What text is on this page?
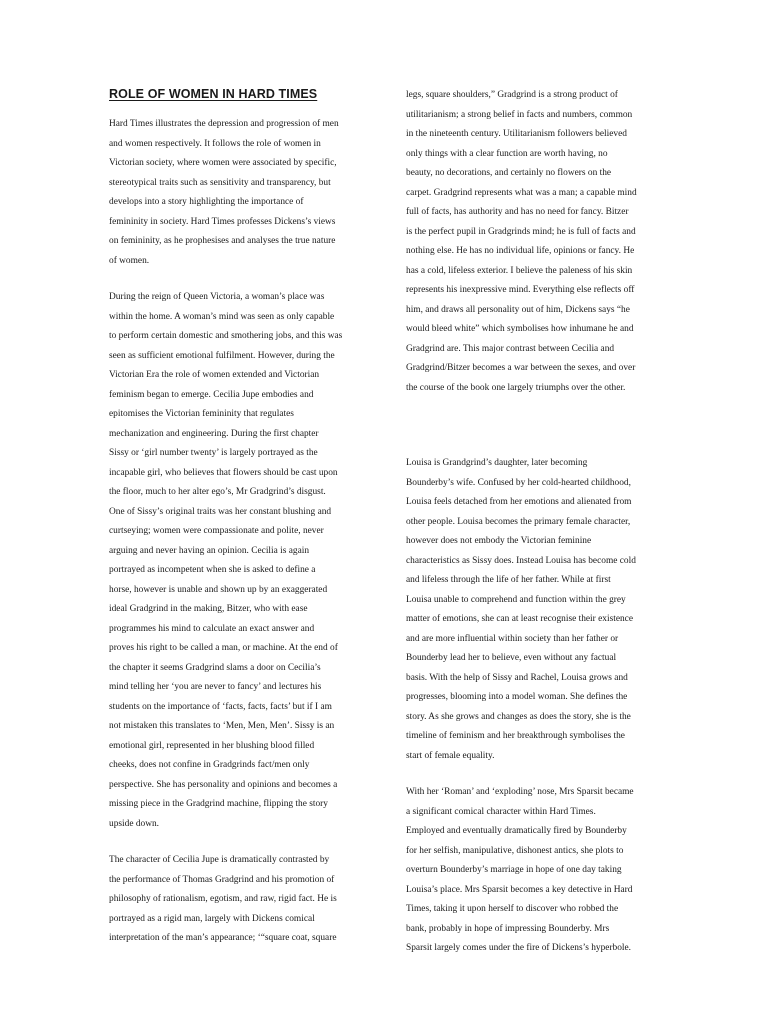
ROLE OF WOMEN IN HARD TIMES
Hard Times illustrates the depression and progression of men
and women respectively. It follows the role of women in
Victorian society, where women were associated by specific,
stereotypical traits such as sensitivity and transparency, but
develops into a story highlighting the importance of
femininity in society. Hard Times professes Dickens’s views
on femininity, as he prophesises and analyses the true nature
of women.
During the reign of Queen Victoria, a woman’s place was
within the home. A woman’s mind was seen as only capable
to perform certain domestic and smothering jobs, and this was
seen as sufficient emotional fulfilment. However, during the
Victorian Era the role of women extended and Victorian
feminism began to emerge. Cecilia Jupe embodies and
epitomises the Victorian femininity that regulates
mechanization and engineering. During the first chapter
Sissy or ‘girl number twenty’ is largely portrayed as the
incapable girl, who believes that flowers should be cast upon
the floor, much to her alter ego’s, Mr Gradgrind’s disgust.
One of Sissy’s original traits was her constant blushing and
curtseying; women were compassionate and polite, never
arguing and never having an opinion. Cecilia is again
portrayed as incompetent when she is asked to define a
horse, however is unable and shown up by an exaggerated
ideal Gradgrind in the making, Bitzer, who with ease
programmes his mind to calculate an exact answer and
proves his right to be called a man, or machine. At the end of
the chapter it seems Gradgrind slams a door on Cecilia’s
mind telling her ‘you are never to fancy’ and lectures his
students on the importance of ‘facts, facts, facts’ but if I am
not mistaken this translates to ‘Men, Men, Men’. Sissy is an
emotional girl, represented in her blushing blood filled
cheeks, does not confine in Gradgrinds fact/men only
perspective. She has personality and opinions and becomes a
missing piece in the Gradgrind machine, flipping the story
upside down.
The character of Cecilia Jupe is dramatically contrasted by
the performance of Thomas Gradgrind and his promotion of
philosophy of rationalism, egotism, and raw, rigid fact. He is
portrayed as a rigid man, largely with Dickens comical
interpretation of the man’s appearance; ‘“square coat, square
legs, square shoulders,” Gradgrind is a strong product of
utilitarianism; a strong belief in facts and numbers, common
in the nineteenth century. Utilitarianism followers believed
only things with a clear function are worth having, no
beauty, no decorations, and certainly no flowers on the
carpet. Gradgrind represents what was a man; a capable mind
full of facts, has authority and has no need for fancy. Bitzer
is the perfect pupil in Gradgrinds mind; he is full of facts and
nothing else. He has no individual life, opinions or fancy. He
has a cold, lifeless exterior. I believe the paleness of his skin
represents his inexpressive mind. Everything else reflects off
him, and draws all personality out of him, Dickens says “he
would bleed white” which symbolises how inhumane he and
Gradgrind are. This major contrast between Cecilia and
Gradgrind/Bitzer becomes a war between the sexes, and over
the course of the book one largely triumphs over the other.
Louisa is Grandgrind’s daughter, later becoming
Bounderby’s wife. Confused by her cold-hearted childhood,
Louisa feels detached from her emotions and alienated from
other people. Louisa becomes the primary female character,
however does not embody the Victorian feminine
characteristics as Sissy does. Instead Louisa has become cold
and lifeless through the life of her father. While at first
Louisa unable to comprehend and function within the grey
matter of emotions, she can at least recognise their existence
and are more influential within society than her father or
Bounderby lead her to believe, even without any factual
basis. With the help of Sissy and Rachel, Louisa grows and
progresses, blooming into a model woman. She defines the
story. As she grows and changes as does the story, she is the
timeline of feminism and her breakthrough symbolises the
start of female equality.
With her ‘Roman’ and ‘exploding’ nose, Mrs Sparsit became
a significant comical character within Hard Times.
Employed and eventually dramatically fired by Bounderby
for her selfish, manipulative, dishonest antics, she plots to
overturn Bounderby’s marriage in hope of one day taking
Louisa’s place. Mrs Sparsit becomes a key detective in Hard
Times, taking it upon herself to discover who robbed the
bank, probably in hope of impressing Bounderby. Mrs
Sparsit largely comes under the fire of Dickens’s hyperbole.
